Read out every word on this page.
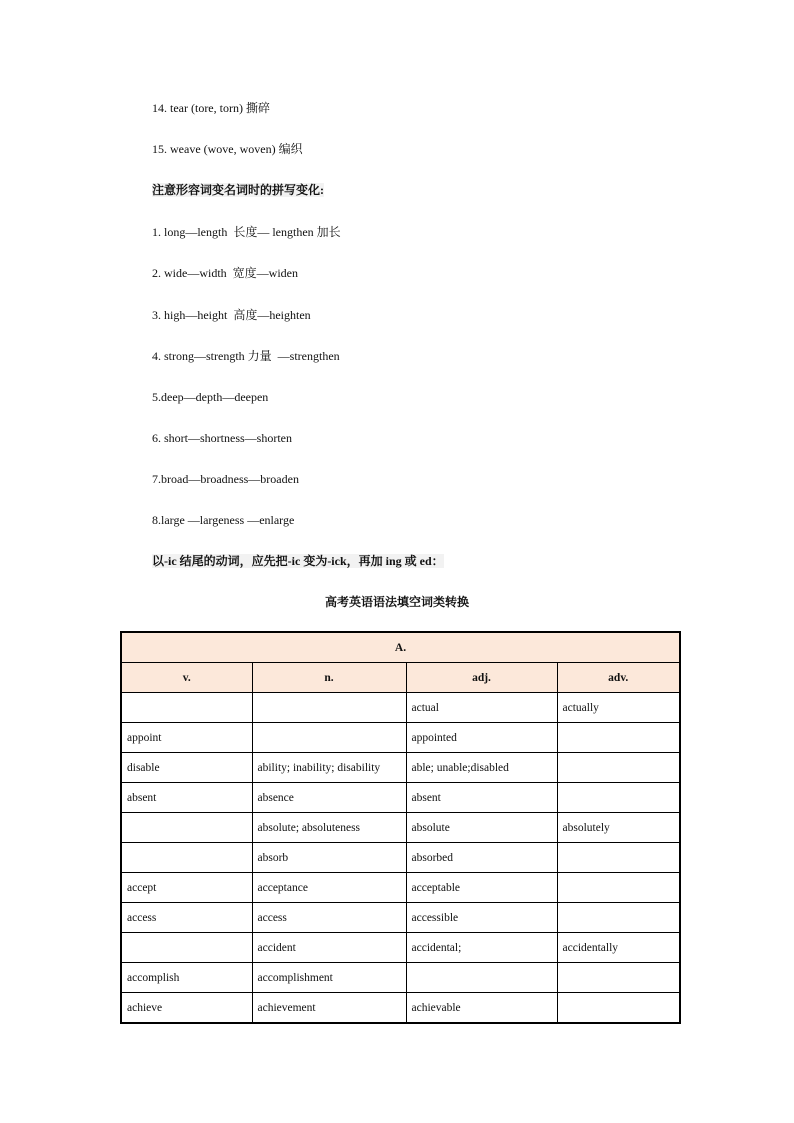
14. tear (tore, torn) 撕碎
15. weave (wove, woven) 编织
注意形容词变名词时的拼写变化:
1. long—length  长度— lengthen 加长
2. wide—width  宽度—widen
3. high—height  高度—heighten
4. strong—strength 力量  —strengthen
5.deep—depth—deepen
6. short—shortness—shorten
7.broad—broadness—broaden
8.large —largeness —enlarge
以-ic 结尾的动词，应先把-ic 变为-ick，再加 ing 或 ed：
高考英语语法填空词类转换
A.			
v.	n.	adj.	adv.
		actual	actually
appoint		appointed	
disable	ability; inability; disability	able; unable;disabled	
absent	absence	absent	
	absolute; absoluteness	absolute	absolutely
	absorb	absorbed	
accept	acceptance	acceptable	
access	access	accessible	
	accident	accidental;	accidentally
accomplish	accomplishment		
achieve	achievement	achievable	
